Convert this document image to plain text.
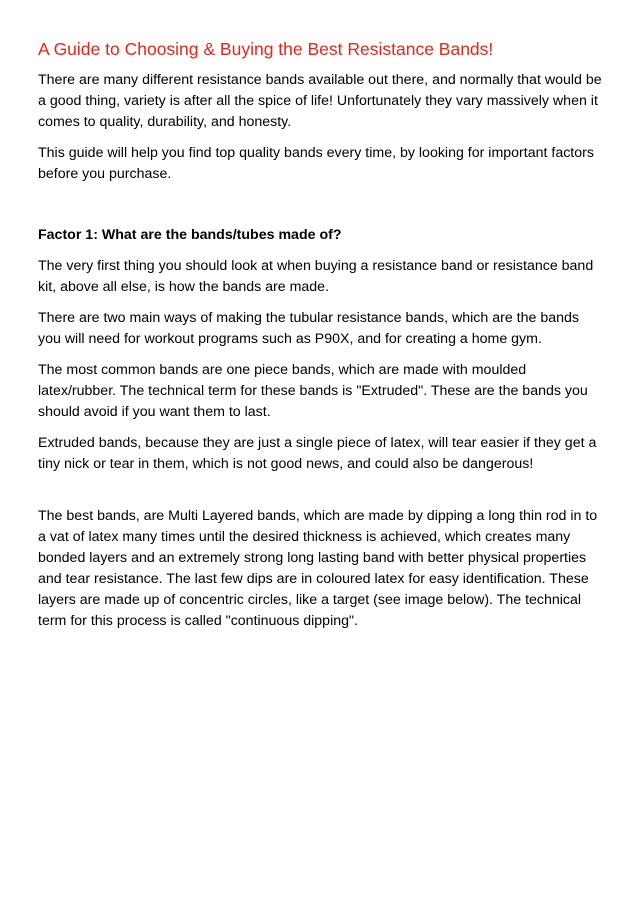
A Guide to Choosing & Buying the Best Resistance Bands!

There are many different resistance bands available out there, and normally that would be a good thing, variety is after all the spice of life! Unfortunately they vary massively when it comes to quality, durability, and honesty.

This guide will help you find top quality bands every time, by looking for important factors before you purchase.

Factor 1: What are the bands/tubes made of?

The very first thing you should look at when buying a resistance band or resistance band kit, above all else, is how the bands are made.

There are two main ways of making the tubular resistance bands, which are the bands you will need for workout programs such as P90X, and for creating a home gym.

The most common bands are one piece bands, which are made with moulded latex/rubber. The technical term for these bands is "Extruded". These are the bands you should avoid if you want them to last.

Extruded bands, because they are just a single piece of latex, will tear easier if they get a tiny nick or tear in them, which is not good news, and could also be dangerous!

The best bands, are Multi Layered bands, which are made by dipping a long thin rod in to a vat of latex many times until the desired thickness is achieved, which creates many bonded layers and an extremely strong long lasting band with better physical properties and tear resistance. The last few dips are in coloured latex for easy identification. These layers are made up of concentric circles, like a target (see image below). The technical term for this process is called "continuous dipping".
